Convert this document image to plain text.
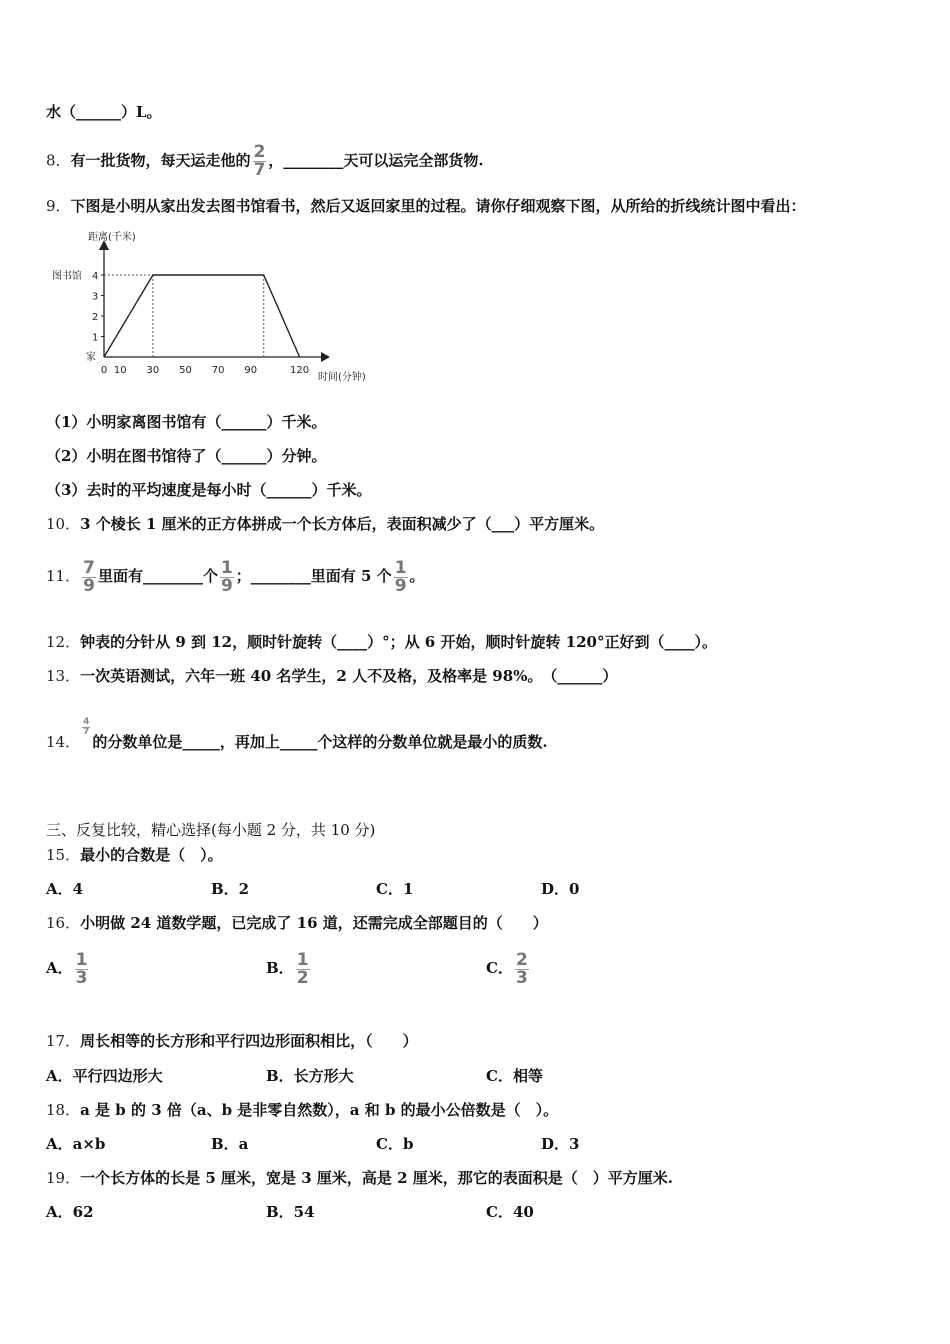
水（______）L。
8．有一批货物，每天运走他的 $\frac{2}{7}$ ，________天可以运完全部货物.
9．下图是小明从家出发去图书馆看书，然后又返回家里的过程。请你仔细观察下图，从所给的折线统计图中看出：
距离(千米)
时间(分钟)
图书馆
家
1
2
3
4
0 10 30 50 70 90	120
（1）小明家离图书馆有（______）千米。
（2）小明在图书馆待了（______）分钟。
（3）去时的平均速度是每小时（______）千米。
10．3 个棱长 1 厘米的正方体拼成一个长方体后，表面积减少了（___）平方厘米。
11． $\frac{7}{9}$ 里面有________个 $\frac{1}{9}$ ；________里面有 5 个 $\frac{1}{9}$ 。
12．钟表的分针从 9 到 12，顺时针旋转（____）°；从 6 开始，顺时针旋转 120°正好到（____）。
13．一次英语测试，六年一班 40 名学生，2 人不及格，及格率是 98%。　（______）
14．
$\frac{4}{7}$
的分数单位是_____，再加上_____个这样的分数单位就是最小的质数.
三、反复比较，精心选择(每小题 2 分，共 10 分)
15．最小的合数是（　）。
A．4	B．2	C．1	D．0
16．小明做 24 道数学题，已完成了 16 道，还需完成全部题目的（　　）
A． $\frac{1}{3}$	B． $\frac{1}{2}$	C． $\frac{2}{3}$
17．周长相等的长方形和平行四边形面积相比，（　　）
A．平行四边形大	B．长方形大	C．相等
18．a 是 b 的 3 倍（a、b 是非零自然数），a 和 b 的最小公倍数是（　）。
A．a×b	B．a	C．b	D．3
19．一个长方体的长是 5 厘米，宽是 3 厘米，高是 2 厘米，那它的表面积是（　）平方厘米.
A．62	B．54	C．40
